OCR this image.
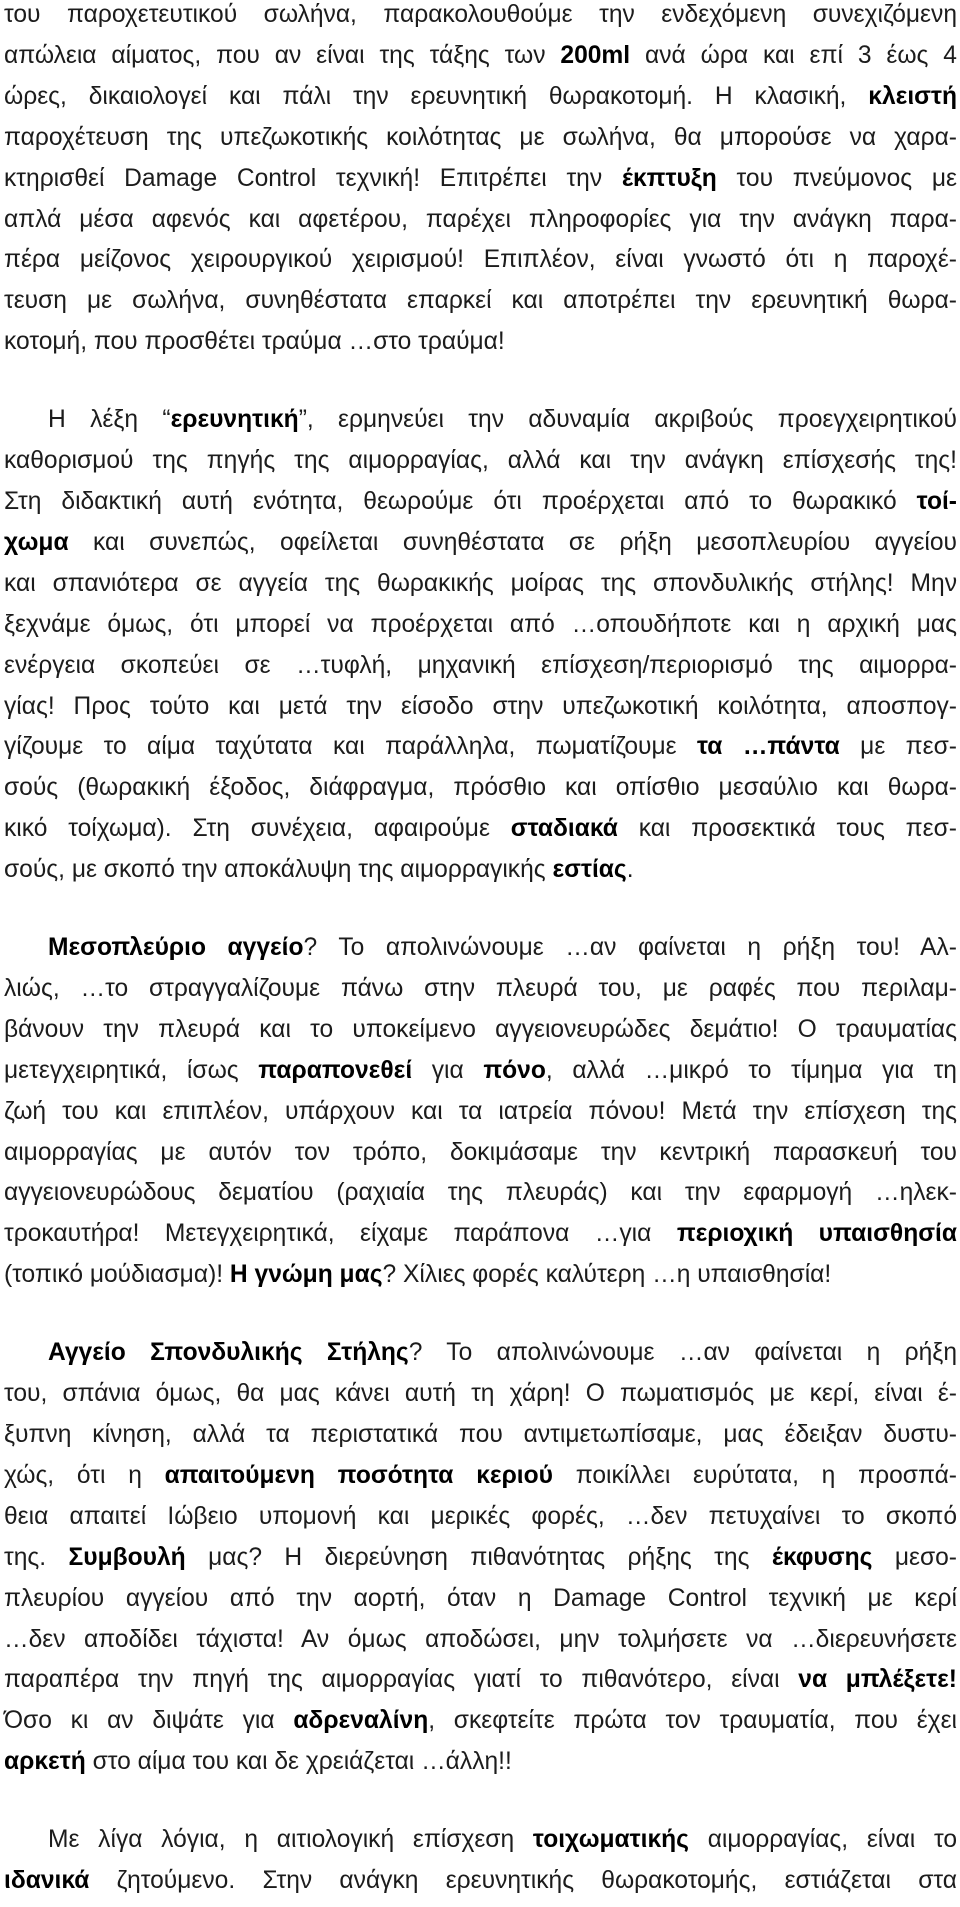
του παροχετευτικού σωλήνα, παρακολουθούμε την ενδεχόμενη συνεχιζόμενη
απώλεια αίματος, που αν είναι της τάξης των 200ml ανά ώρα και επί 3 έως 4
ώρες, δικαιολογεί και πάλι την ερευνητική θωρακοτομή. Η κλασική, κλειστή
παροχέτευση της υπεζωκοτικής κοιλότητας με σωλήνα, θα μπορούσε να χαρα-
κτηρισθεί Damage Control τεχνική! Επιτρέπει την έκπτυξη του πνεύμονος με
απλά μέσα αφενός και αφετέρου, παρέχει πληροφορίες για την ανάγκη παρα-
πέρα μείζονος χειρουργικού χειρισμού! Επιπλέον, είναι γνωστό ότι η παροχέ-
τευση με σωλήνα, συνηθέστατα επαρκεί και αποτρέπει την ερευνητική θωρα-
κοτομή, που προσθέτει τραύμα …στο τραύμα!
Η λέξη “ερευνητική”, ερμηνεύει την αδυναμία ακριβούς προεγχειρητικού
καθορισμού της πηγής της αιμορραγίας, αλλά και την ανάγκη επίσχεσής της!
Στη διδακτική αυτή ενότητα, θεωρούμε ότι προέρχεται από το θωρακικό τοί-
χωμα και συνεπώς, οφείλεται συνηθέστατα σε ρήξη μεσοπλευρίου αγγείου
και σπανιότερα σε αγγεία της θωρακικής μοίρας της σπονδυλικής στήλης! Μην
ξεχνάμε όμως, ότι μπορεί να προέρχεται από …οπουδήποτε και η αρχική μας
ενέργεια σκοπεύει σε …τυφλή, μηχανική επίσχεση/περιορισμό της αιμορρα-
γίας! Προς τούτο και μετά την είσοδο στην υπεζωκοτική κοιλότητα, αποσπογ-
γίζουμε το αίμα ταχύτατα και παράλληλα, πωματίζουμε τα …πάντα με πεσ-
σούς (θωρακική έξοδος, διάφραγμα, πρόσθιο και οπίσθιο μεσαύλιο και θωρα-
κικό τοίχωμα). Στη συνέχεια, αφαιρούμε σταδιακά και προσεκτικά τους πεσ-
σούς, με σκοπό την αποκάλυψη της αιμορραγικής εστίας.
Μεσοπλεύριο αγγείο? Το απολινώνουμε …αν φαίνεται η ρήξη του! Αλ-
λιώς, …το στραγγαλίζουμε πάνω στην πλευρά του, με ραφές που περιλαμ-
βάνουν την πλευρά και το υποκείμενο αγγειονευρώδες δεμάτιο! Ο τραυματίας
μετεγχειρητικά, ίσως παραπονεθεί για πόνο, αλλά …μικρό το τίμημα για τη
ζωή του και επιπλέον, υπάρχουν και τα ιατρεία πόνου! Μετά την επίσχεση της
αιμορραγίας με αυτόν τον τρόπο, δοκιμάσαμε την κεντρική παρασκευή του
αγγειονευρώδους δεματίου (ραχιαία της πλευράς) και την εφαρμογή …ηλεκ-
τροκαυτήρα! Μετεγχειρητικά, είχαμε παράπονα …για περιοχική υπαισθησία
(τοπικό μούδιασμα)! Η γνώμη μας? Χίλιες φορές καλύτερη …η υπαισθησία!
Αγγείο Σπονδυλικής Στήλης? Το απολινώνουμε …αν φαίνεται η ρήξη
του, σπάνια όμως, θα μας κάνει αυτή τη χάρη! Ο πωματισμός με κερί, είναι έ-
ξυπνη κίνηση, αλλά τα περιστατικά που αντιμετωπίσαμε, μας έδειξαν δυστυ-
χώς, ότι η απαιτούμενη ποσότητα κεριού ποικίλλει ευρύτατα, η προσπά-
θεια απαιτεί Ιώβειο υπομονή και μερικές φορές, …δεν πετυχαίνει το σκοπό
της. Συμβουλή μας? Η διερεύνηση πιθανότητας ρήξης της έκφυσης μεσο-
πλευρίου αγγείου από την αορτή, όταν η Damage Control τεχνική με κερί
…δεν αποδίδει τάχιστα! Αν όμως αποδώσει, μην τολμήσετε να …διερευνήσετε
παραπέρα την πηγή της αιμορραγίας γιατί το πιθανότερο, είναι να μπλέξετε!
Όσο κι αν διψάτε για αδρεναλίνη, σκεφτείτε πρώτα τον τραυματία, που έχει
αρκετή στο αίμα του και δε χρειάζεται …άλλη!!
Με λίγα λόγια, η αιτιολογική επίσχεση τοιχωματικής αιμορραγίας, είναι το
ιδανικά ζητούμενο. Στην ανάγκη ερευνητικής θωρακοτομής, εστιάζεται στα
